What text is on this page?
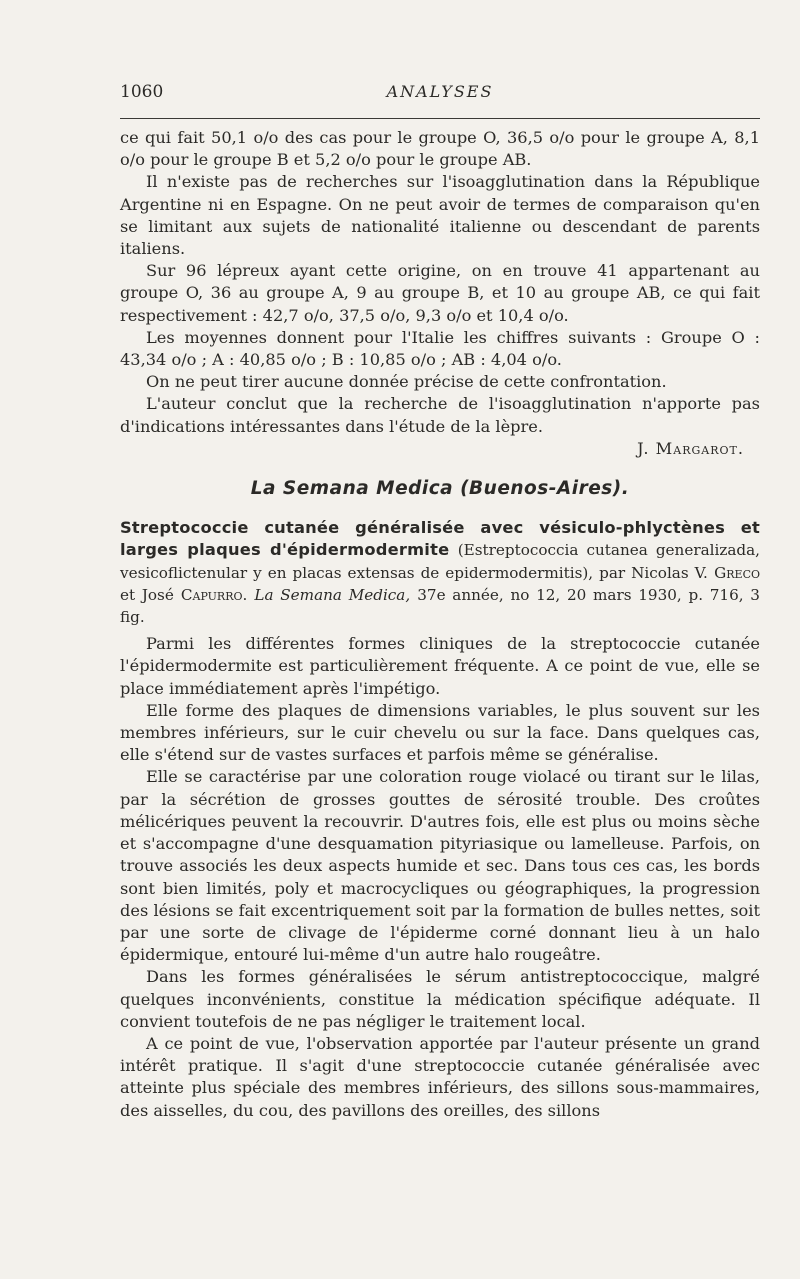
1060	ANALYSES

ce qui fait 50,1 o/o des cas pour le groupe O, 36,5 o/o pour le groupe A, 8,1 o/o pour le groupe B et 5,2 o/o pour le groupe AB.

Il n'existe pas de recherches sur l'isoagglutination dans la République Argentine ni en Espagne. On ne peut avoir de termes de comparaison qu'en se limitant aux sujets de nationalité italienne ou descendant de parents italiens.

Sur 96 lépreux ayant cette origine, on en trouve 41 appartenant au groupe O, 36 au groupe A, 9 au groupe B, et 10 au groupe AB, ce qui fait respectivement : 42,7 o/o, 37,5 o/o, 9,3 o/o et 10,4 o/o.

Les moyennes donnent pour l'Italie les chiffres suivants : Groupe O : 43,34 o/o ; A : 40,85 o/o ; B : 10,85 o/o ; AB : 4,04 o/o.

On ne peut tirer aucune donnée précise de cette confrontation.

L'auteur conclut que la recherche de l'isoagglutination n'apporte pas d'indications intéressantes dans l'étude de la lèpre.

J. Margarot.

La Semana Medica (Buenos-Aires).

Streptococcie cutanée généralisée avec vésiculo-phlyctènes et larges plaques d'épidermodermite (Estreptococcia cutanea generalizada, vesicoflictenular y en placas extensas de epidermodermitis), par Nicolas V. Greco et José Capurro. La Semana Medica, 37e année, no 12, 20 mars 1930, p. 716, 3 fig.

Parmi les différentes formes cliniques de la streptococcie cutanée l'épidermodermite est particulièrement fréquente. A ce point de vue, elle se place immédiatement après l'impétigo.

Elle forme des plaques de dimensions variables, le plus souvent sur les membres inférieurs, sur le cuir chevelu ou sur la face. Dans quelques cas, elle s'étend sur de vastes surfaces et parfois même se généralise.

Elle se caractérise par une coloration rouge violacé ou tirant sur le lilas, par la sécrétion de grosses gouttes de sérosité trouble. Des croûtes mélicériques peuvent la recouvrir. D'autres fois, elle est plus ou moins sèche et s'accompagne d'une desquamation pityriasique ou lamelleuse. Parfois, on trouve associés les deux aspects humide et sec. Dans tous ces cas, les bords sont bien limités, poly et macrocycliques ou géographiques, la progression des lésions se fait excentriquement soit par la formation de bulles nettes, soit par une sorte de clivage de l'épiderme corné donnant lieu à un halo épidermique, entouré lui-même d'un autre halo rougeâtre.

Dans les formes généralisées le sérum antistreptococcique, malgré quelques inconvénients, constitue la médication spécifique adéquate. Il convient toutefois de ne pas négliger le traitement local.

A ce point de vue, l'observation apportée par l'auteur présente un grand intérêt pratique. Il s'agit d'une streptococcie cutanée généralisée avec atteinte plus spéciale des membres inférieurs, des sillons sous-mammaires, des aisselles, du cou, des pavillons des oreilles, des sillons
